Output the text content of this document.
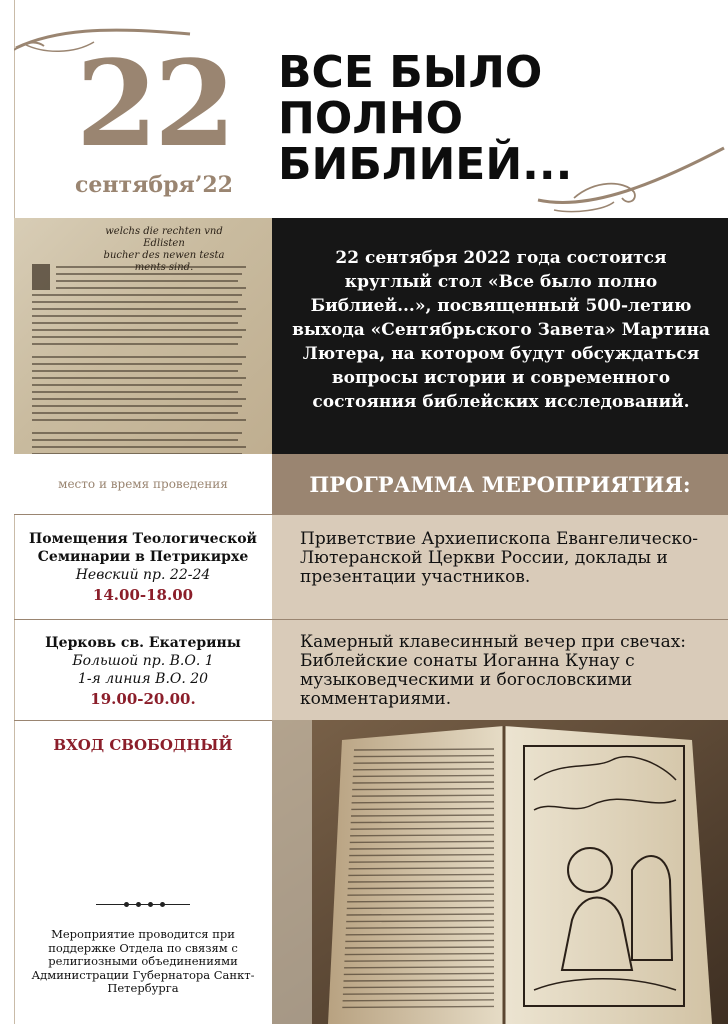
22
сентября’22
ВСЕ БЫЛО
ПОЛНО
БИБЛИЕЙ...
welchs die rechten vnd Edlisten
bucher des newen testa	22 сентября 2022 года состоится круглый стол «Все было полно Библией...», посвященный 500-летию выхода «Сентябрьского Завета» Мартина Лютера, на котором будут обсуждаться вопросы истории и современного состояния библейских исследований.

место и время проведения	ПРОГРАММА МЕРОПРИЯТИЯ:
Помещения Теологической
Семинарии в Петрикирхе
Невский пр. 22-24
14.00-18.00
Приветствие Архиепископа Евангелическо-Лютеранской Церкви России, доклады и презентации участников.
Церковь св. Екатерины
Большой пр. В.О. 1
1-я линия В.О. 20
19.00-20.00.
Камерный клавесинный вечер при свечах: Библейские сонаты Иоганна Кунау с музыковедческими и богословскими комментариями.
ВХОД СВОБОДНЫЙ
Мероприятие проводится при поддержке Отдела по связям с религиозными объединениями Администрации Губернатора Санкт-Петербурга
